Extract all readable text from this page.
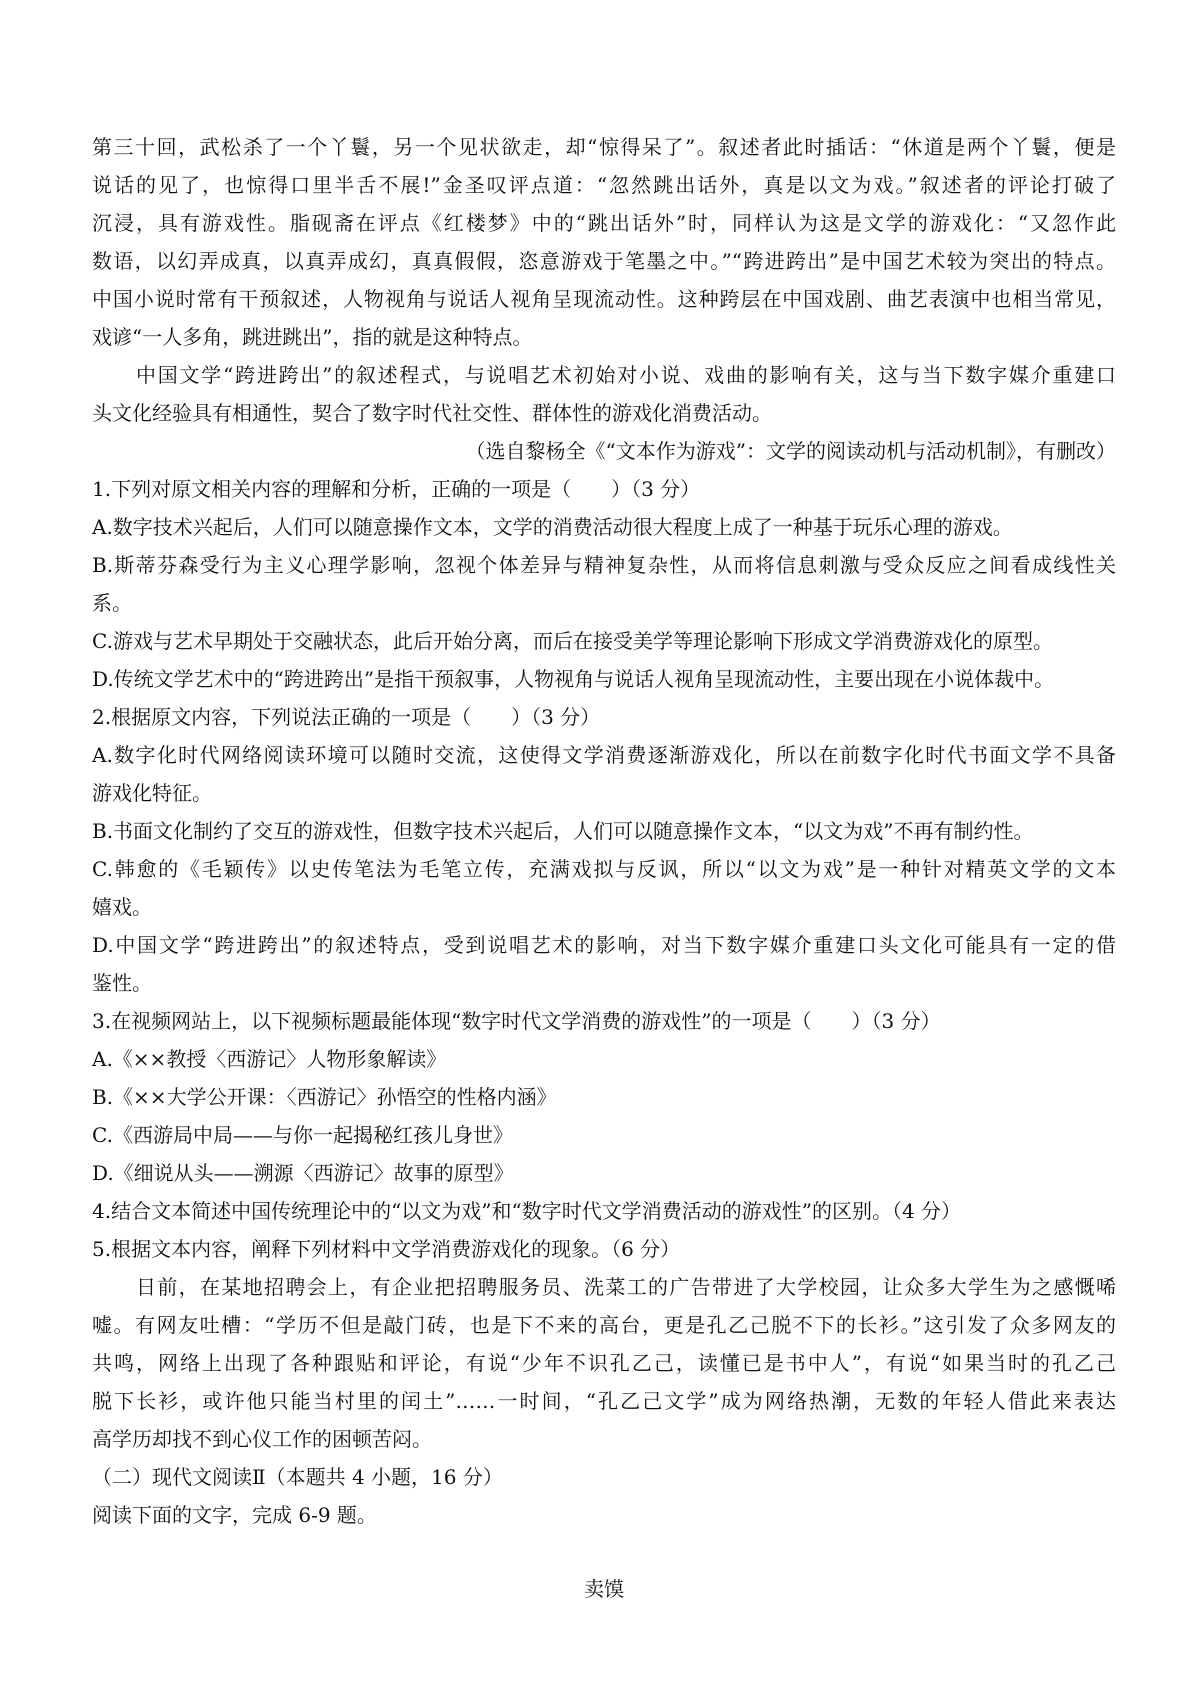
第三十回，武松杀了一个丫鬟，另一个见状欲走，却“惊得呆了”。叙述者此时插话：“休道是两个丫鬟，便是
说话的见了，也惊得口里半舌不展!”金圣叹评点道：“忽然跳出话外，真是以文为戏。”叙述者的评论打破了
沉浸，具有游戏性。脂砚斋在评点《红楼梦》中的“跳出话外”时，同样认为这是文学的游戏化：“又忽作此
数语，以幻弄成真，以真弄成幻，真真假假，恣意游戏于笔墨之中。”“跨进跨出”是中国艺术较为突出的特点。
中国小说时常有干预叙述，人物视角与说话人视角呈现流动性。这种跨层在中国戏剧、曲艺表演中也相当常见，
戏谚“一人多角，跳进跳出”，指的就是这种特点。
中国文学“跨进跨出”的叙述程式，与说唱艺术初始对小说、戏曲的影响有关，这与当下数字媒介重建口
头文化经验具有相通性，契合了数字时代社交性、群体性的游戏化消费活动。
（选自黎杨全《“文本作为游戏”：文学的阅读动机与活动机制》，有删改）
1.下列对原文相关内容的理解和分析，正确的一项是（　　）（3 分）
A.数字技术兴起后，人们可以随意操作文本，文学的消费活动很大程度上成了一种基于玩乐心理的游戏。
B.斯蒂芬森受行为主义心理学影响，忽视个体差异与精神复杂性，从而将信息刺激与受众反应之间看成线性关
系。
C.游戏与艺术早期处于交融状态，此后开始分离，而后在接受美学等理论影响下形成文学消费游戏化的原型。
D.传统文学艺术中的“跨进跨出”是指干预叙事，人物视角与说话人视角呈现流动性，主要出现在小说体裁中。
2.根据原文内容，下列说法正确的一项是（　　）（3 分）
A.数字化时代网络阅读环境可以随时交流，这使得文学消费逐渐游戏化，所以在前数字化时代书面文学不具备
游戏化特征。
B.书面文化制约了交互的游戏性，但数字技术兴起后，人们可以随意操作文本，“以文为戏”不再有制约性。
C.韩愈的《毛颖传》以史传笔法为毛笔立传，充满戏拟与反讽，所以“以文为戏”是一种针对精英文学的文本
嬉戏。
D.中国文学“跨进跨出”的叙述特点，受到说唱艺术的影响，对当下数字媒介重建口头文化可能具有一定的借
鉴性。
3.在视频网站上，以下视频标题最能体现“数字时代文学消费的游戏性”的一项是（　　）（3 分）
A.《××教授〈西游记〉人物形象解读》
B.《××大学公开课：〈西游记〉孙悟空的性格内涵》
C.《西游局中局——与你一起揭秘红孩儿身世》
D.《细说从头——溯源〈西游记〉故事的原型》
4.结合文本简述中国传统理论中的“以文为戏”和“数字时代文学消费活动的游戏性”的区别。（4 分）
5.根据文本内容，阐释下列材料中文学消费游戏化的现象。（6 分）
日前，在某地招聘会上，有企业把招聘服务员、洗菜工的广告带进了大学校园，让众多大学生为之感慨唏
嘘。有网友吐槽：“学历不但是敲门砖，也是下不来的高台，更是孔乙己脱不下的长衫。”这引发了众多网友的
共鸣，网络上出现了各种跟贴和评论，有说“少年不识孔乙己，读懂已是书中人”，有说“如果当时的孔乙己
脱下长衫，或许他只能当村里的闰土”……一时间，“孔乙己文学”成为网络热潮，无数的年轻人借此来表达
高学历却找不到心仪工作的困顿苦闷。
（二）现代文阅读Ⅱ（本题共 4 小题，16 分）
阅读下面的文字，完成 6-9 题。
卖馍
